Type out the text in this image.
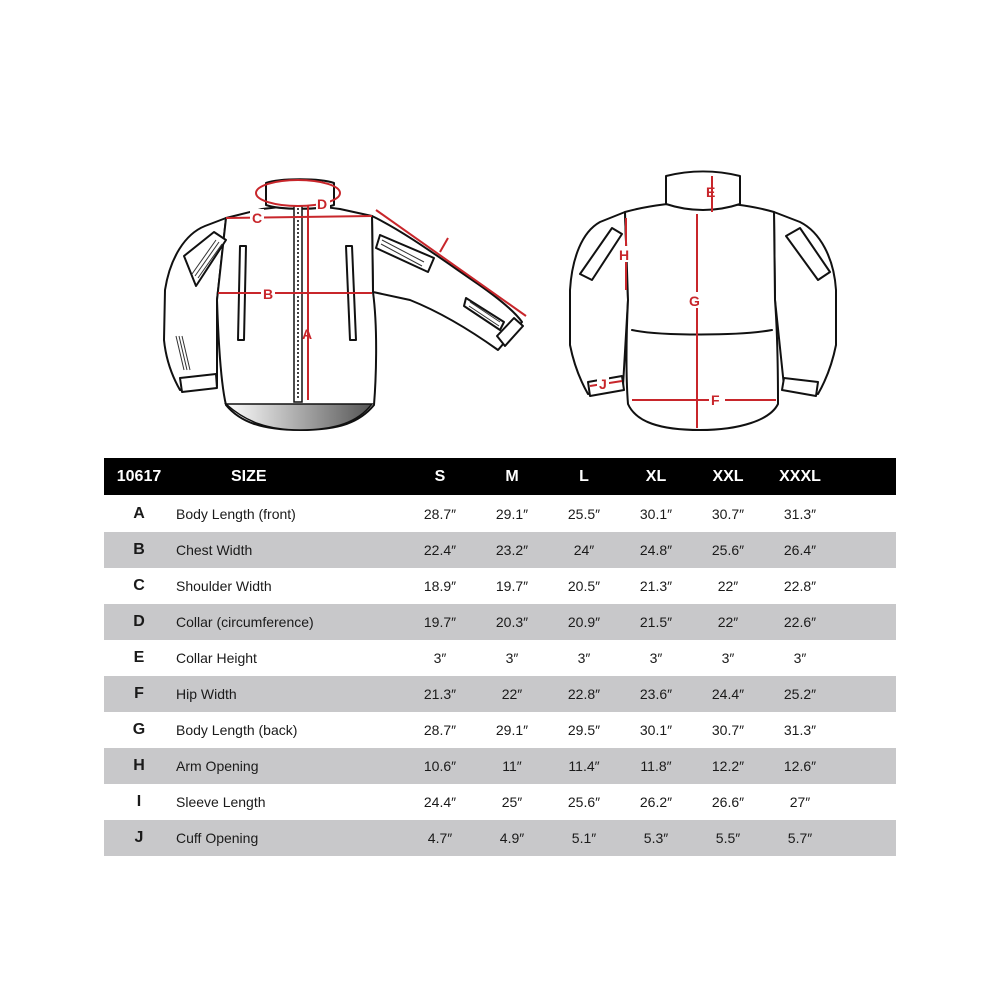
C
D
B
A
E
H
G
F
J
10617	SIZE	S	M	L	XL	XXL	XXXL	
A	Body Length (front)	28.7″	29.1″	25.5″	30.1″	30.7″	31.3″	
B	Chest Width	22.4″	23.2″	24″	24.8″	25.6″	26.4″	
C	Shoulder Width	18.9″	19.7″	20.5″	21.3″	22″	22.8″	
D	Collar (circumference)	19.7″	20.3″	20.9″	21.5″	22″	22.6″	
E	Collar Height	3″	3″	3″	3″	3″	3″	
F	Hip Width	21.3″	22″	22.8″	23.6″	24.4″	25.2″	
G	Body Length (back)	28.7″	29.1″	29.5″	30.1″	30.7″	31.3″	
H	Arm Opening	10.6″	11″	11.4″	11.8″	12.2″	12.6″	
I	Sleeve Length	24.4″	25″	25.6″	26.2″	26.6″	27″	
J	Cuff Opening	4.7″	4.9″	5.1″	5.3″	5.5″	5.7″	
